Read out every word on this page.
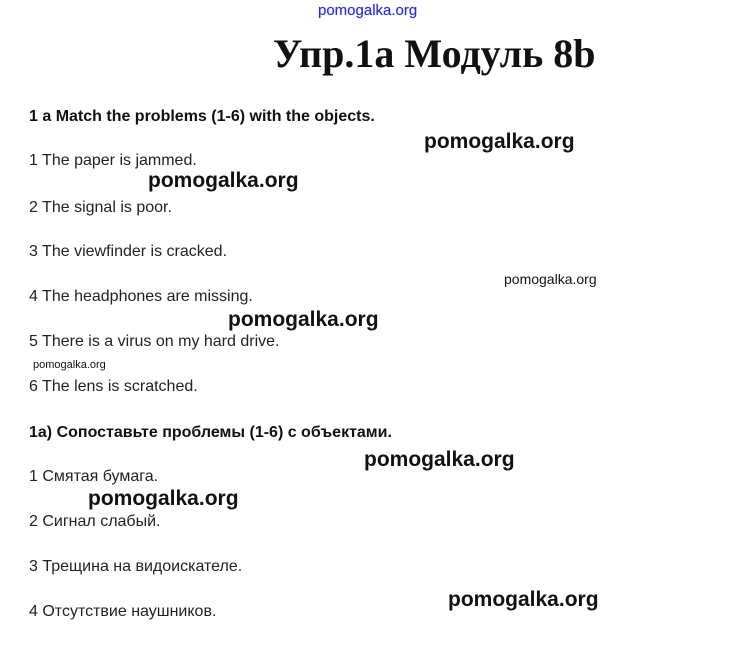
pomogalka.org
Упр.1а Модуль 8b
1 a Match the problems (1-6) with the objects.
1 The paper is jammed.
2 The signal is poor.
3 The viewfinder is cracked.
4 The headphones are missing.
5 There is a virus on my hard drive.
6 The lens is scratched.
1а) Сопоставьте проблемы (1-6) с объектами.
1 Смятая бумага.
2 Сигнал слабый.
3 Трещина на видоискателе.
4 Отсутствие наушников.
pomogalka.org
pomogalka.org
pomogalka.org
pomogalka.org
pomogalka.org
pomogalka.org
pomogalka.org
pomogalka.org
